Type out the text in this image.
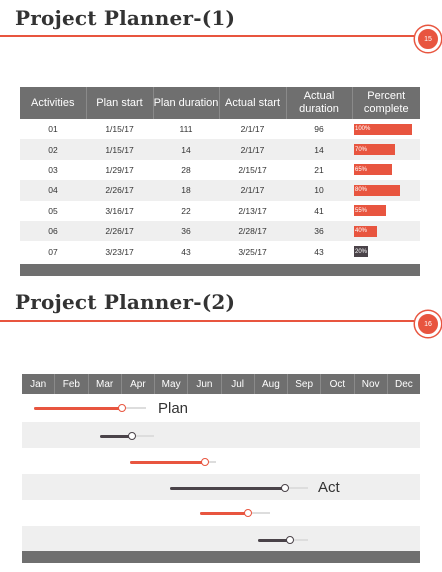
Project Planner-(1)
15
Activities	Plan start	Plan duration	Actual start	Actual duration	Percent complete
01	1/15/17	111	2/1/17	96	100%

02	1/15/17	14	2/1/17	14	70%

03	1/29/17	28	2/15/17	21	65%

04	2/26/17	18	2/1/17	10	80%

05	3/16/17	22	2/13/17	41	55%

06	2/26/17	36	2/28/17	36	40%

07	3/23/17	43	3/25/17	43	20%
Project Planner-(2)
16
Jan	Feb	Mar	Apr	May	Jun	Jul	Aug	Sep	Oct	Nov	Dec
Plan
Act
